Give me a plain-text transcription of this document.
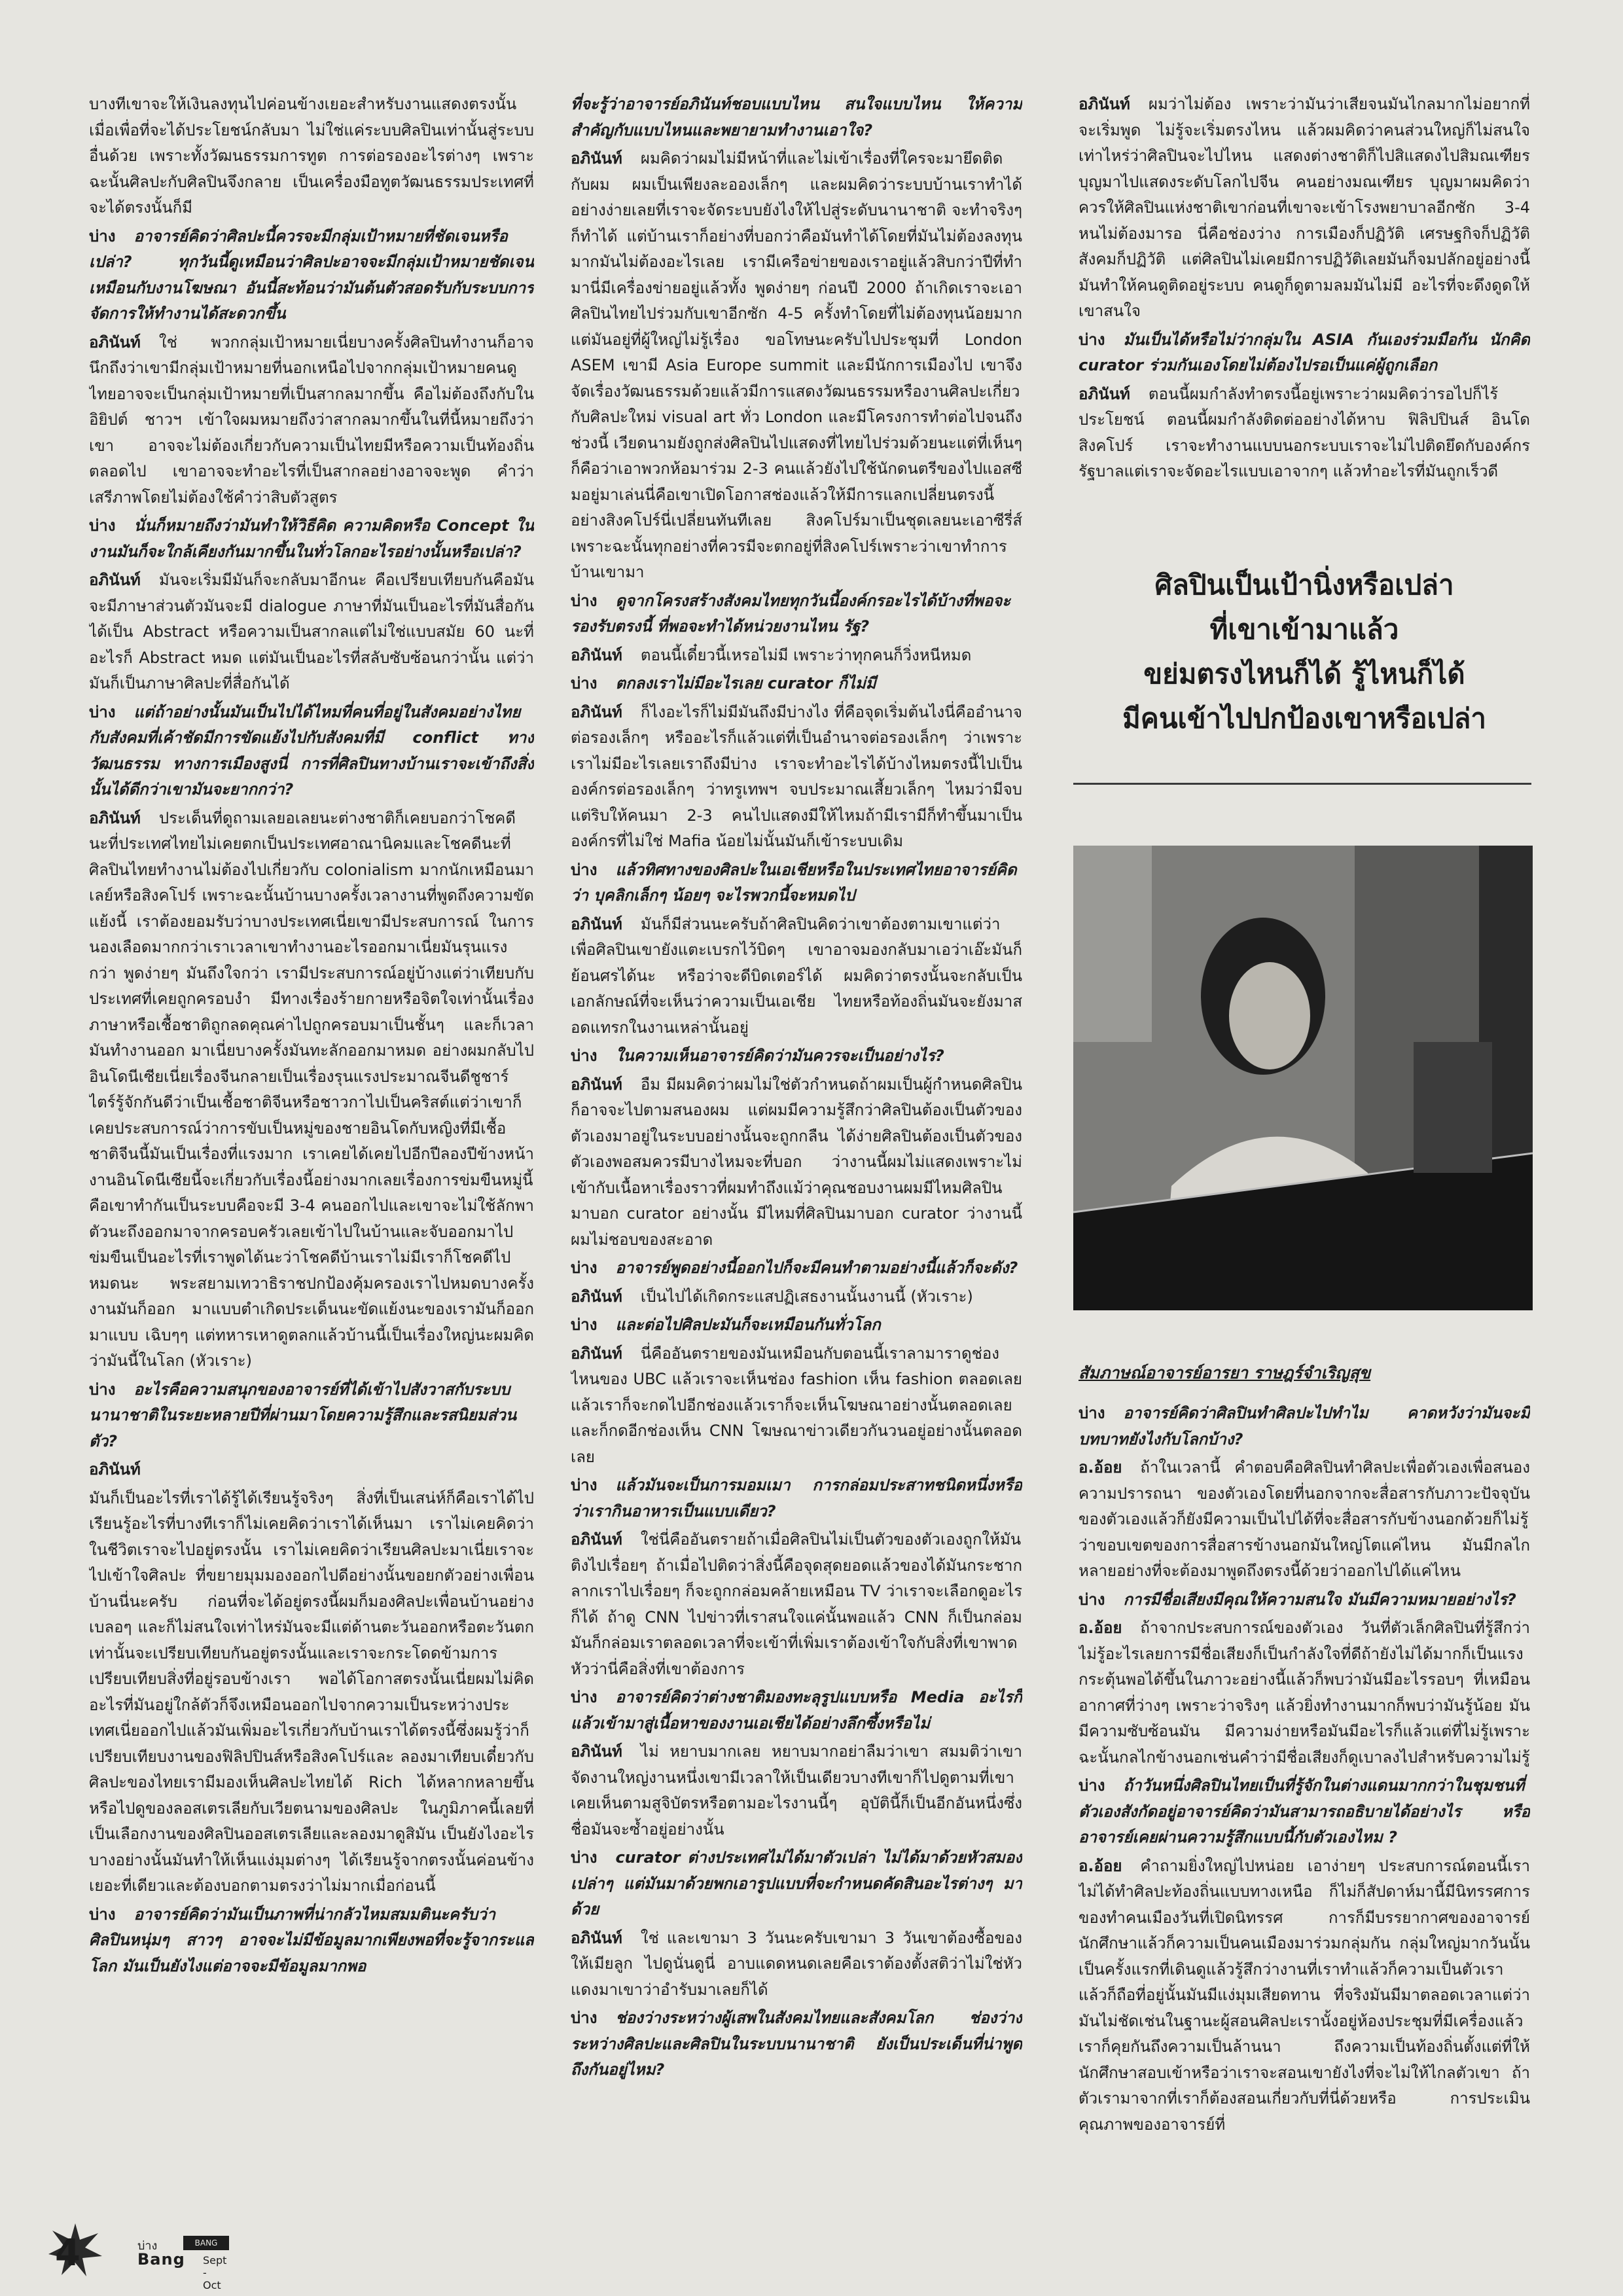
บางทีเขาจะให้เงินลงทุนไปค่อนข้างเยอะสำหรับงานแสดงตรงนั้นเมื่อเพื่อที่จะได้ประโยชน์กลับมา ไม่ใช่แค่ระบบศิลปินเท่านั้นสู่ระบบอื่นด้วย เพราะทั้งวัฒนธรรมการทูต การต่อรองอะไรต่างๆ เพราะฉะนั้นศิลปะกับศิลปินจึงกลาย เป็นเครื่องมือทูตวัฒนธรรมประเทศที่จะได้ตรงนั้นก็มี
บ่าง อาจารย์คิดว่าศิลปะนี้ควรจะมีกลุ่มเป้าหมายที่ชัดเจนหรือเปล่า? ทุกวันนี้ดูเหมือนว่าศิลปะอาจจะมีกลุ่มเป้าหมายชัดเจนเหมือนกับงานโฆษณา อันนี้สะท้อนว่ามันต้นตัวสอดรับกับระบบการจัดการให้ทำงานได้สะดวกขึ้น
อภินันท์ ใช่ พวกกลุ่มเป้าหมายเนี่ยบางครั้งศิลปินทำงานก็อาจนึกถึงว่าเขามีกลุ่มเป้าหมายที่นอกเหนือไปจากกลุ่มเป้าหมายคนดูไทยอาจจะเป็นกลุ่มเป้าหมายที่เป็นสากลมากขึ้น คือไม่ต้องถึงกับในอิยิปต์ ชาวฯ เข้าใจผมหมายถึงว่าสากลมากขึ้นในที่นี้หมายถึงว่าเขา อาจจะไม่ต้องเกี่ยวกับความเป็นไทยมีหรือความเป็นท้องถิ่นตลอดไป เขาอาจจะทำอะไรที่เป็นสากลอย่างอาจจะพูด คำว่าเสรีภาพโดยไม่ต้องใช้คำว่าสิบตัวสูตร
บ่าง นั่นก็หมายถึงว่ามันทำให้วิธีคิด ความคิดหรือ Concept ในงานมันก็จะใกล้เคียงกันมากขึ้นในทั่วโลกอะไรอย่างนั้นหรือเปล่า?
อภินันท์ มันจะเริ่มมีมันก็จะกลับมาอีกนะ คือเปรียบเทียบกันคือมันจะมีภาษาส่วนตัวมันจะมี dialogue ภาษาที่มันเป็นอะไรที่มันสื่อกันได้เป็น Abstract หรือความเป็นสากลแต่ไม่ใช่แบบสมัย 60 นะที่อะไรก็ Abstract หมด แต่มันเป็นอะไรที่สลับซับซ้อนกว่านั้น แต่ว่ามันก็เป็นภาษาศิลปะที่สื่อกันได้
บ่าง แต่ถ้าอย่างนั้นมันเป็นไปได้ไหมที่คนที่อยู่ในสังคมอย่างไทยกับสังคมที่เค้าชัดมีการขัดแย้งไปกับสังคมที่มี conflict ทางวัฒนธรรม ทางการเมืองสูงนี่ การที่ศิลปินทางบ้านเราจะเข้าถึงสิ่งนั้นได้ดีกว่าเขามันจะยากกว่า?
อภินันท์ ประเด็นที่ดูถามเลยอเลยนะต่างชาติก็เคยบอกว่าโชคดีนะที่ประเทศไทยไม่เคยตกเป็นประเทศอาณานิคมและโชคดีนะที่ศิลปินไทยทำงานไม่ต้องไปเกี่ยวกับ colonialism มากนักเหมือนมาเลย์หรือสิงคโปร์ เพราะฉะนั้นบ้านบางครั้งเวลางานที่พูดถึงความขัดแย้งนี้ เราต้องยอมรับว่าบางประเทศเนี่ยเขามีประสบการณ์ ในการนองเลือดมากกว่าเราเวลาเขาทำงานอะไรออกมาเนี่ยมันรุนแรงกว่า พูดง่ายๆ มันถึงใจกว่า เรามีประสบการณ์อยู่บ้างแต่ว่าเทียบกับประเทศที่เคยถูกครอบงำ มีทางเรื่องร้ายกายหรือจิตใจเท่านั้นเรื่องภาษาหรือเชื้อชาติถูกลดคุณค่าไปถูกครอบมาเป็นชั้นๆ และก็เวลามันทำงานออก มาเนี่ยบางครั้งมันทะลักออกมาหมด อย่างผมกลับไปอินโดนีเซียเนี่ยเรื่องจีนกลายเป็นเรื่องรุนแรงประมาณจีนดีชูชาร์ไตร์รู้จักกันดีว่าเป็นเชื้อชาติจีนหรือชาวกาไปเป็นคริสต์แต่ว่าเขาก็เคยประสบการณ์ว่าการขับเป็นหมู่ของชายอินโดกับหญิงที่มีเชื้อชาติจีนนี้มันเป็นเรื่องที่แรงมาก เราเคยได้เคยไปอีกปีลองปีข้างหน้างานอินโดนีเซียนี้จะเกี่ยวกับเรื่องนี้อย่างมากเลยเรื่องการข่มขืนหมู่นี้คือเขาทำกันเป็นระบบคือจะมี 3-4 คนออกไปและเขาจะไม่ใช้ลักพาตัวนะถึงออกมาจากครอบครัวเลยเข้าไปในบ้านและจับออกมาไปข่มขืนเป็นอะไรที่เราพูดได้นะว่าโชคดีบ้านเราไม่มีเราก็โชคดีไปหมดนะ พระสยามเทวาธิราชปกป้องคุ้มครองเราไปหมดบางครั้งงานมันก็ออก มาแบบตำเกิดประเด็นนะขัดแย้งนะของเรามันก็ออกมาแบบ เฉิบๆๆ แต่ทหารเหาดูตลกแล้วบ้านนี้เป็นเรื่องใหญ่นะผมคิดว่ามันนี้ในโลก (หัวเราะ)
บ่าง อะไรคือความสนุกของอาจารย์ที่ได้เข้าไปสังวาสกับระบบนานาชาติในระยะหลายปีที่ผ่านมาโดยความรู้สึกและรสนิยมส่วนตัว?
อภินันท์
มันก็เป็นอะไรที่เราได้รู้ได้เรียนรู้จริงๆ สิ่งที่เป็นเสน่ห์ก็คือเราได้ไปเรียนรู้อะไรที่บางทีเราก็ไม่เคยคิดว่าเราได้เห็นมา เราไม่เคยคิดว่าในชีวิตเราจะไปอยู่ตรงนั้น เราไม่เคยคิดว่าเรียนศิลปะมาเนี่ยเราจะไปเข้าใจศิลปะ ที่ขยายมุมมองออกไปดีอย่างนั้นขอยกตัวอย่างเพื่อนบ้านนี่นะครับ ก่อนที่จะได้อยู่ตรงนี้ผมก็มองศิลปะเพื่อนบ้านอย่างเบลอๆ และก็ไม่สนใจเท่าไหร่มันจะมีแต่ด้านตะวันออกหรือตะวันตกเท่านั้นจะเปรียบเทียบกันอยู่ตรงนั้นและเราจะกระโดดข้ามการเปรียบเทียบสิ่งที่อยู่รอบข้างเรา พอได้โอกาสตรงนั้นเนี่ยผมไม่คิดอะไรที่มันอยู่ใกล้ตัวก็จึงเหมือนออกไปจากความเป็นระหว่างประเทศเนี่ยออกไปแล้วมันเพิ่มอะไรเกี่ยวกับบ้านเราได้ตรงนี้ซึ่งผมรู้ว่าก็เปรียบเทียบงานของฟิลิปปินส์หรือสิงคโปร์และ ลองมาเทียบเดี๋ยวกับศิลปะของไทยเรามีมองเห็นศิลปะไทยได้ Rich ได้หลากหลายขึ้นหรือไปดูของลอสเตรเลียกับเวียตนามของศิลปะ ในภูมิภาคนี้เลยที่เป็นเลือกงานของศิลปินออสเตรเลียและลองมาดูสิมัน เป็นยังไงอะไรบางอย่างนั้นมันทำให้เห็นแง่มุมต่างๆ ได้เรียนรู้จากตรงนั้นค่อนข้างเยอะที่เดียวและต้องบอกตามตรงว่าไม่มากเมื่อก่อนนี้
บ่าง อาจารย์คิดว่ามันเป็นภาพที่น่ากลัวไหมสมมตินะครับว่าศิลปินหนุ่มๆ สาวๆ อาจจะไม่มีข้อมูลมากเพียงพอที่จะรู้จากระแสโลก มันเป็นยังไงแต่อาจจะมีข้อมูลมากพอ
ที่จะรู้ว่าอาจารย์อภินันท์ชอบแบบไหน สนใจแบบไหน ให้ความสำคัญกับแบบไหนและพยายามทำงานเอาใจ?
อภินันท์ ผมคิดว่าผมไม่มีหน้าที่และไม่เข้าเรื่องที่ใครจะมายึดติดกับผม ผมเป็นเพียงละอองเล็กๆ และผมคิดว่าระบบบ้านเราทำได้อย่างง่ายเลยที่เราจะจัดระบบยังไงให้ไปสู่ระดับนานาชาติ จะทำจริงๆ ก็ทำได้ แต่บ้านเราก็อย่างที่บอกว่าคือมันทำได้โดยที่มันไม่ต้องลงทุนมากมันไม่ต้องอะไรเลย เรามีเครือข่ายของเราอยู่แล้วสิบกว่าปีที่ทำมานี่มีเครื่องข่ายอยู่แล้วทั้ง พูดง่ายๆ ก่อนปี 2000 ถ้าเกิดเราจะเอาศิลปินไทยไปร่วมกับเขาอีกซัก 4-5 ครั้งทำโดยที่ไม่ต้องทุนน้อยมากแต่มันอยู่ที่ผู้ใหญ่ไม่รู้เรื่อง ขอโทษนะครับไปประชุมที่ London ASEM เขามี Asia Europe summit และมีนักการเมืองไป เขาจึงจัดเรื่องวัฒนธรรมด้วยแล้วมีการแสดงวัฒนธรรมหรืองานศิลปะเกี่ยวกับศิลปะใหม่ visual art ทั่ว London และมีโครงการทำต่อไปจนถึงช่วงนี้ เวียดนามยังถูกส่งศิลปินไปแสดงที่ไทยไปร่วมด้วยนะแต่ที่เห็นๆ ก็คือว่าเอาพวกห้อมาร่วม 2-3 คนแล้วยังไปใช้นักดนตรีของไปแอสซีมอยู่มาเล่นนี่คือเขาเปิดโอกาสช่องแล้วให้มีการแลกเปลี่ยนตรงนี้ อย่างสิงคโปร์นี่เปลี่ยนทันทีเลย สิงคโปร์มาเป็นชุดเลยนะเอาซีรี่ส์ เพราะฉะนั้นทุกอย่างที่ควรมีจะตกอยู่ที่สิงคโปร์เพราะว่าเขาทำการบ้านเขามา
บ่าง ดูจากโครงสร้างสังคมไทยทุกวันนี้องค์กรอะไรได้บ้างที่พอจะรองรับตรงนี้ ที่พอจะทำได้หน่วยงานไหน รัฐ?
อภินันท์ ตอนนี้เดี๋ยวนี้เหรอไม่มี เพราะว่าทุกคนก็วิ่งหนีหมด
บ่าง ตกลงเราไม่มีอะไรเลย curator ก็ไม่มี
อภินันท์ ก็ไงอะไรก็ไม่มีมันถึงมีบ่างไง ที่คือจุดเริ่มต้นไงนี่คืออำนาจต่อรองเล็กๆ หรืออะไรก็แล้วแต่ที่เป็นอำนาจต่อรองเล็กๆ ว่าเพราะเราไม่มีอะไรเลยเราถึงมีบ่าง เราจะทำอะไรได้บ้างไหมตรงนี้ไปเป็นองค์กรต่อรองเล็กๆ ว่าทรูเทพฯ จบประมาณเสี้ยวเล็กๆ ไหมว่ามีจบแต่ริบให้คนมา 2-3 คนไปแสดงมีให้ไหมถ้ามีเรามีก็ทำขึ้นมาเป็นองค์กรที่ไม่ใช่ Mafia น้อยไม่นั้นมันก็เข้าระบบเดิม
บ่าง แล้วทิศทางของศิลปะในเอเชียหรือในประเทศไทยอาจารย์คิดว่า บุคลิกเล็กๆ น้อยๆ จะไรพวกนี้จะหมดไป
อภินันท์ มันก็มีส่วนนะครับถ้าศิลปินคิดว่าเขาต้องตามเขาแต่ว่าเพื่อศิลปินเขายังแตะเบรกไว้บิดๆ เขาอาจมองกลับมาเอว่าเอ๊ะมันก็ย้อนศรได้นะ หรือว่าจะดีบิดเตอร์ได้ ผมคิดว่าตรงนั้นจะกลับเป็นเอกลักษณ์ที่จะเห็นว่าความเป็นเอเชีย ไทยหรือท้องถิ่นมันจะยังมาสอดแทรกในงานเหล่านั้นอยู่
บ่าง ในความเห็นอาจารย์คิดว่ามันควรจะเป็นอย่างไร?
อภินันท์ อืม มีผมคิดว่าผมไม่ใช่ตัวกำหนดถ้าผมเป็นผู้กำหนดศิลปินก็อาจจะไปตามสนองผม แต่ผมมีความรู้สึกว่าศิลปินต้องเป็นตัวของตัวเองมาอยู่ในระบบอย่างนั้นจะถูกกลืน ได้ง่ายศิลปินต้องเป็นตัวของตัวเองพอสมควรมีบางไหมจะที่บอก ว่างานนี้ผมไม่แสดงเพราะไม่เข้ากับเนื้อหาเรื่องราวที่ผมทำถึงแม้ว่าคุณชอบงานผมมีไหมศิลปินมาบอก curator อย่างนั้น มีไหมที่ศิลปินมาบอก curator ว่างานนี้ผมไม่ชอบของสะอาด
บ่าง อาจารย์พูดอย่างนี้ออกไปก็จะมีคนทำตามอย่างนี้แล้วก็จะดัง?
อภินันท์ เป็นไปได้เกิดกระแสปฏิเสธงานนั้นงานนี้ (หัวเราะ)
บ่าง และต่อไปศิลปะมันก็จะเหมือนกันทั่วโลก
อภินันท์ นี่คืออันตรายของมันเหมือนกับตอนนี้เราลามาราดูช่องไหนของ UBC แล้วเราจะเห็นช่อง fashion เห็น fashion ตลอดเลยแล้วเราก็จะกดไปอีกช่องแล้วเราก็จะเห็นโฆษณาอย่างนั้นตลอดเลยและก็กดอีกช่องเห็น CNN โฆษณาข่าวเดียวกันวนอยู่อย่างนั้นตลอดเลย
บ่าง แล้วมันจะเป็นการมอมเมา การกล่อมประสาทชนิดหนึ่งหรือว่าเรากินอาหารเป็นแบบเดียว?
อภินันท์ ใช่นี่คืออันตรายถ้าเมื่อศิลปินไม่เป็นตัวของตัวเองถูกให้มันติงไปเรื่อยๆ ถ้าเมื่อไปติดว่าสิ่งนี้คือจุดสุดยอดแล้วของได้มันกระชากลากเราไปเรื่อยๆ ก็จะถูกกล่อมคล้ายเหมือน TV ว่าเราจะเลือกดูอะไรก็ได้ ถ้าดู CNN ไปข่าวที่เราสนใจแค่นั้นพอแล้ว CNN ก็เป็นกล่อมมันก็กล่อมเราตลอดเวลาที่จะเข้าที่เพิ่มเราต้องเข้าใจกับสิ่งที่เขาพาดหัวว่านี่คือสิ่งที่เขาต้องการ
บ่าง อาจารย์คิดว่าต่างชาติมองทะลุรูปแบบหรือ Media อะไรก็แล้วเข้ามาสู่เนื้อหาของงานเอเชียได้อย่างลึกซึ้งหรือไม่
อภินันท์ ไม่ หยาบมากเลย หยาบมากอย่าลืมว่าเขา สมมติว่าเขาจัดงานใหญ่งานหนึ่งเขามีเวลาให้เป็นเดียวบางทีเขาก็ไปดูตามที่เขาเคยเห็นตามสูจิบัตรหรือตามอะไรงานนี้ๆ อุบัตินี้ก็เป็นอีกอันหนึ่งซึ่งชื่อมันจะซ้ำอยู่อย่างนั้น
บ่าง curator ต่างประเทศไม่ได้มาตัวเปล่า ไม่ได้มาด้วยหัวสมองเปล่าๆ แต่มันมาด้วยพกเอารูปแบบที่จะกำหนดคัดสินอะไรต่างๆ มาด้วย
อภินันท์ ใช่ และเขามา 3 วันนะครับเขามา 3 วันเขาต้องซื้อของให้เมียลูก ไปดูนั่นดูนี่ อาบแดดหนดเลยคือเราต้องตั้งสติว่าไม่ใช่หัวแดงมาเขาว่าอำรับมาเลยก็ได้
บ่าง ช่องว่างระหว่างผู้เสพในสังคมไทยและสังคมโลก ช่องว่างระหว่างศิลปะและศิลปินในระบบนานาชาติ ยังเป็นประเด็นที่น่าพูดถึงกันอยู่ไหม?
อภินันท์ ผมว่าไม่ต้อง เพราะว่ามันว่าเสียจนมันไกลมากไม่อยากที่จะเริ่มพูด ไม่รู้จะเริ่มตรงไหน แล้วผมคิดว่าคนส่วนใหญ่ก็ไม่สนใจเท่าไหร่ว่าศิลปินจะไปไหน แสดงต่างชาติก็ไปสิแสดงไปสิมณเฑียร บุญมาไปแสดงระดับโลกไปจีน คนอย่างมณเฑียร บุญมาผมคิดว่าควรให้ศิลปินแห่งชาติเขาก่อนที่เขาจะเข้าโรงพยาบาลอีกซัก 3-4 หนไม่ต้องมารอ นี่คือช่องว่าง การเมืองก็ปฏิวัติ เศรษฐกิจก็ปฏิวัติ สังคมก็ปฏิวัติ แต่ศิลปินไม่เคยมีการปฏิวัติเลยมันก็จมปลักอยู่อย่างนี้ มันทำให้คนดูติดอยู่ระบบ คนดูก็ดูตามลมมันไม่มี อะไรที่จะดึงดูดให้เขาสนใจ
บ่าง มันเป็นได้หรือไม่ว่ากลุ่มใน ASIA กันเองร่วมมือกัน นักคิด curator ร่วมกันเองโดยไม่ต้องไปรอเป็นแค่ผู้ถูกเลือก
อภินันท์ ตอนนี้ผมกำลังทำตรงนี้อยู่เพราะว่าผมคิดว่ารอไปก็ไร้ประโยชน์ ตอนนี้ผมกำลังติดต่ออย่างได้หาบ ฟิลิปปินส์ อินโดสิงคโปร์ เราจะทำงานแบบนอกระบบเราจะไม่ไปติดยึดกับองค์กรรัฐบาลแต่เราจะจัดอะไรแบบเอาจากๆ แล้วทำอะไรที่มันถูกเร็วดี
ศิลปินเป็นเป้านิ่งหรือเปล่า
ที่เขาเข้ามาแล้ว
ขย่มตรงไหนก็ได้ รู้ไหนก็ได้
มีคนเข้าไปปกป้องเขาหรือเปล่า
สัมภาษณ์อาจารย์อารยา ราษฎร์จำเริญสุข
บ่าง อาจารย์คิดว่าศิลปินทำศิลปะไปทำไม คาดหวังว่ามันจะมีบทบาทยังไงกับโลกบ้าง?
อ.อ้อย ถ้าในเวลานี้ คำตอบคือศิลปินทำศิลปะเพื่อตัวเองเพื่อสนองความปรารถนา ของตัวเองโดยที่นอกจากจะสื่อสารกับภาวะปัจจุบันของตัวเองแล้วก็ยังมีความเป็นไปได้ที่จะสื่อสารกับข้างนอกด้วยก็ไม่รู้ว่าขอบเขตของการสื่อสารข้างนอกมันใหญ่โตแค่ไหน มันมีกลไกหลายอย่างที่จะต้องมาพูดถึงตรงนี้ด้วยว่าออกไปได้แค่ไหน
บ่าง การมีชื่อเสียงมีคุณให้ความสนใจ มันมีความหมายอย่างไร?
อ.อ้อย ถ้าจากประสบการณ์ของตัวเอง วันที่ตัวเล็กศิลปินที่รู้สึกว่าไม่รู้อะไรเลยการมีชื่อเสียงก็เป็นกำลังใจที่ดีถ้ายังไม่ได้มากก็เป็นแรงกระตุ้นพอได้ขึ้นในภาวะอย่างนี้แล้วก็พบว่ามันมีอะไรรอบๆ ที่เหมือนอากาศที่ว่างๆ เพราะว่าจริงๆ แล้วยิ่งทำงานมากก็พบว่ามันรู้น้อย มันมีความซับซ้อนมัน มีความง่ายหรือมันมีอะไรก็แล้วแต่ที่ไม่รู้เพราะฉะนั้นกลไกข้างนอกเช่นคำว่ามีชื่อเสียงก็ดูเบาลงไปสำหรับความไม่รู้
บ่าง ถ้าวันหนึ่งศิลปินไทยเป็นที่รู้จักในต่างแดนมากกว่าในชุมชนที่ตัวเองสังกัดอยู่อาจารย์คิดว่ามันสามารถอธิบายได้อย่างไร หรืออาจารย์เคยผ่านความรู้สึกแบบนี้กับตัวเองไหม ?
อ.อ้อย คำถามยิ่งใหญ่ไปหน่อย เอาง่ายๆ ประสบการณ์ตอนนี้เราไม่ได้ทำศิลปะท้องถิ่นแบบทางเหนือ ก็ไม่ก็สัปดาห์มานี้มีนิทรรศการของทำคนเมืองวันที่เปิดนิทรรศ การก็มีบรรยากาศของอาจารย์นักศึกษาแล้วก็ความเป็นคนเมืองมาร่วมกลุ่มกัน กลุ่มใหญ่มากวันนั้นเป็นครั้งแรกที่เดินดูแล้วรู้สึกว่างานที่เราทำแล้วก็ความเป็นตัวเราแล้วก็ถือที่อยู่นั้นมันมีแง่มุมเสียดทาน ที่จริงมันมีมาตลอดเวลาแต่ว่ามันไม่ชัดเช่นในฐานะผู้สอนศิลปะเรานั้งอยู่ห้องประชุมที่มีเครื่องแล้วเราก็คุยกันถึงความเป็นล้านนา ถึงความเป็นท้องถิ่นตั้งแต่ที่ให้นักศึกษาสอบเข้าหรือว่าเราจะสอนเขายังไงที่จะไม่ให้ไกลตัวเขา ถ้าตัวเรามาจากที่เราก็ต้องสอนเกี่ยวกับที่นี่ด้วยหรือ การประเมินคุณภาพของอาจารย์ที่
4	บ่าง	BANG
Bang Sept - Oct
